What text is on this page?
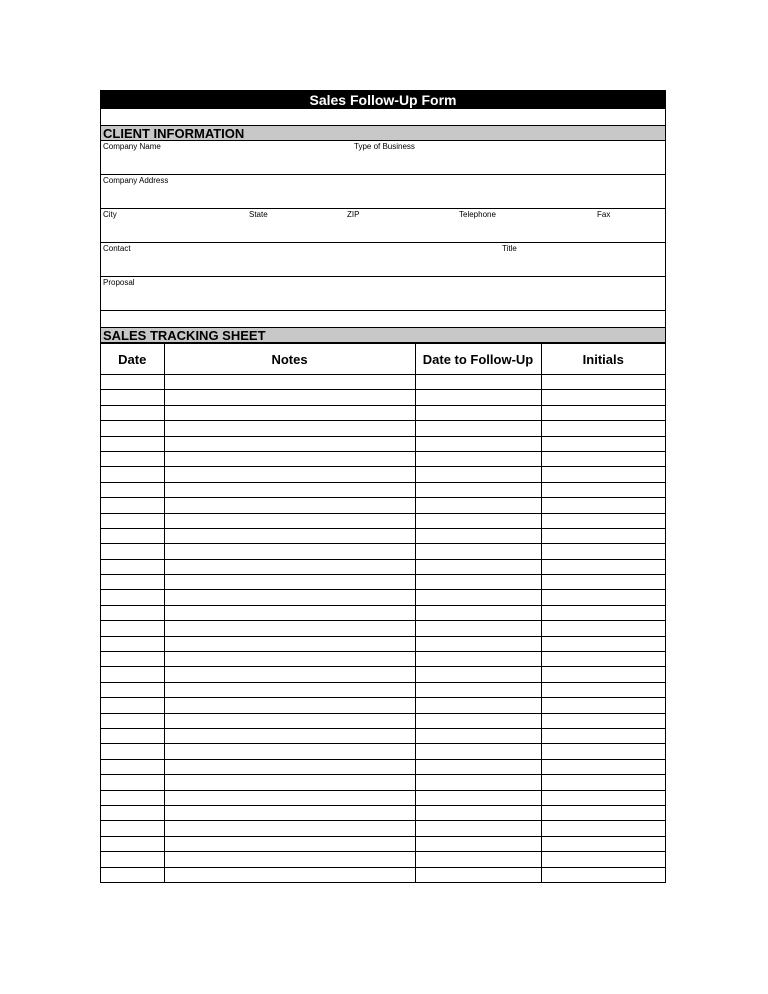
Sales Follow-Up Form
CLIENT INFORMATION
Company Name	Type of Business
Company Address
City	State	ZIP	Telephone	Fax
Contact	Title
Proposal
SALES TRACKING SHEET
Date	Notes	Date to Follow-Up	Initials
